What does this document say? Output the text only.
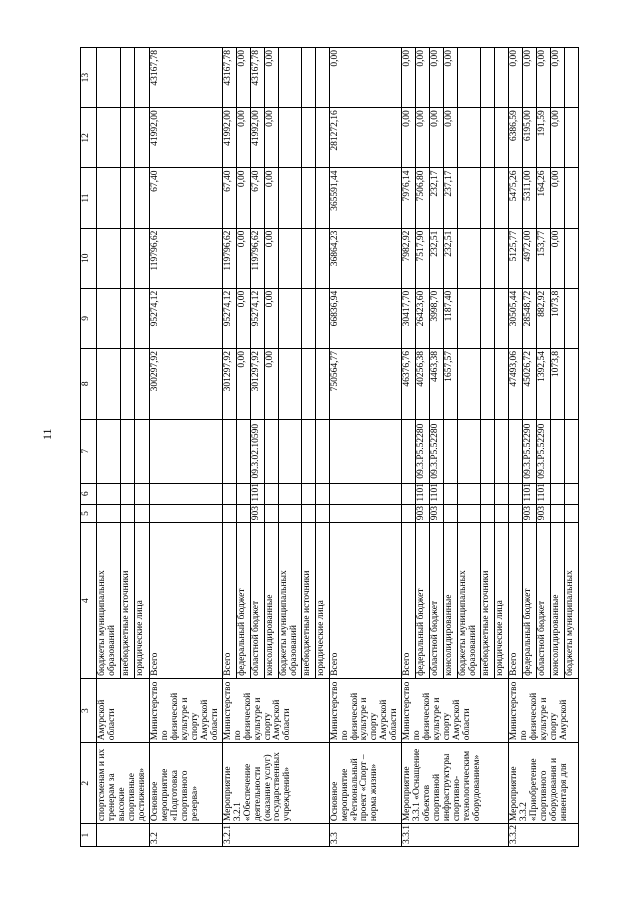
11
1	2	3	4	5	6	7	8	9	10	11	12	13
	спортсменам и их тренерам за высокие спортивные достижения»	Амурской области	бюджеты муниципальных образований									
			внебюджетные источники									
			юридические лица									
3.2	Основное мероприятие «Подготовка спортивного резерва»	Министерство по физической культуре и спорту Амурской области	Всего				300297,92	95274,12	119796,62	67,40	41992,00	43167,78
3.2.1	Мероприятие 3.2.1 «Обеспечение деятельности (оказание услуг) государственных учреждений»	Министерство по физической культуре и спорту Амурской области	Всего				301297,92	95274,12	119796,62	67,40	41992,00	43167,78
			федеральный бюджет				0,00	0,00	0,00	0,00	0,00	0,00
			областной бюджет	903	1101	09.3.02.10590	301297,92	95274,12	119796,62	67,40	41992,00	43167,78
			консолидированные				0,00	0,00	0,00	0,00	0,00	0,00
			бюджеты муниципальных образований									
			внебюджетные источники									
			юридические лица									
3.3	Основное мероприятие «Региональный проект «Спорт – норма жизни»	Министерство по физической культуре и спорту Амурской области	Всего				750564,77	66836,94	36864,23	365591,44	281272,16	0,00
3.3.1	Мероприятие 3.3.1 «Оснащение объектов спортивной инфраструктуры спортивно-технологическим оборудованием»	Министерство по физической культуре и спорту Амурской области	Всего				46376,76	30417,70	7982,92	7976,14	0,00	0,00
			федеральный бюджет	903	1101	09.3.P5.52280	40256,38	26423,60	7517,90	7506,80	0,00	0,00
			областной бюджет	903	1101	09.3.P5.52280	4463,38	3998,70	232,51	232,17	0,00	0,00
			консолидированные				1657,57	1187,40	232,51	237,17	0,00	0,00
			бюджеты муниципальных образований									
			внебюджетные источники									
			юридические лица									
3.3.2	Мероприятие 3.3.2 «Приобретение спортивного оборудования и инвентаря для	Министерство по физической культуре и спорту Амурской	Всего				47493,06	30505,44	5125,77	5475,26	6386,59	0,00
			федеральный бюджет	903	1101	09.3.P5.52290	45026,72	28548,72	4972,00	5311,00	6195,00	0,00
			областной бюджет	903	1101	09.3.P5.52290	1392,54	882,92	153,77	164,26	191,59	0,00
			консолидированные				1073,8	1073,8	0,00	0,00	0,00	0,00
			бюджеты муниципальных									
